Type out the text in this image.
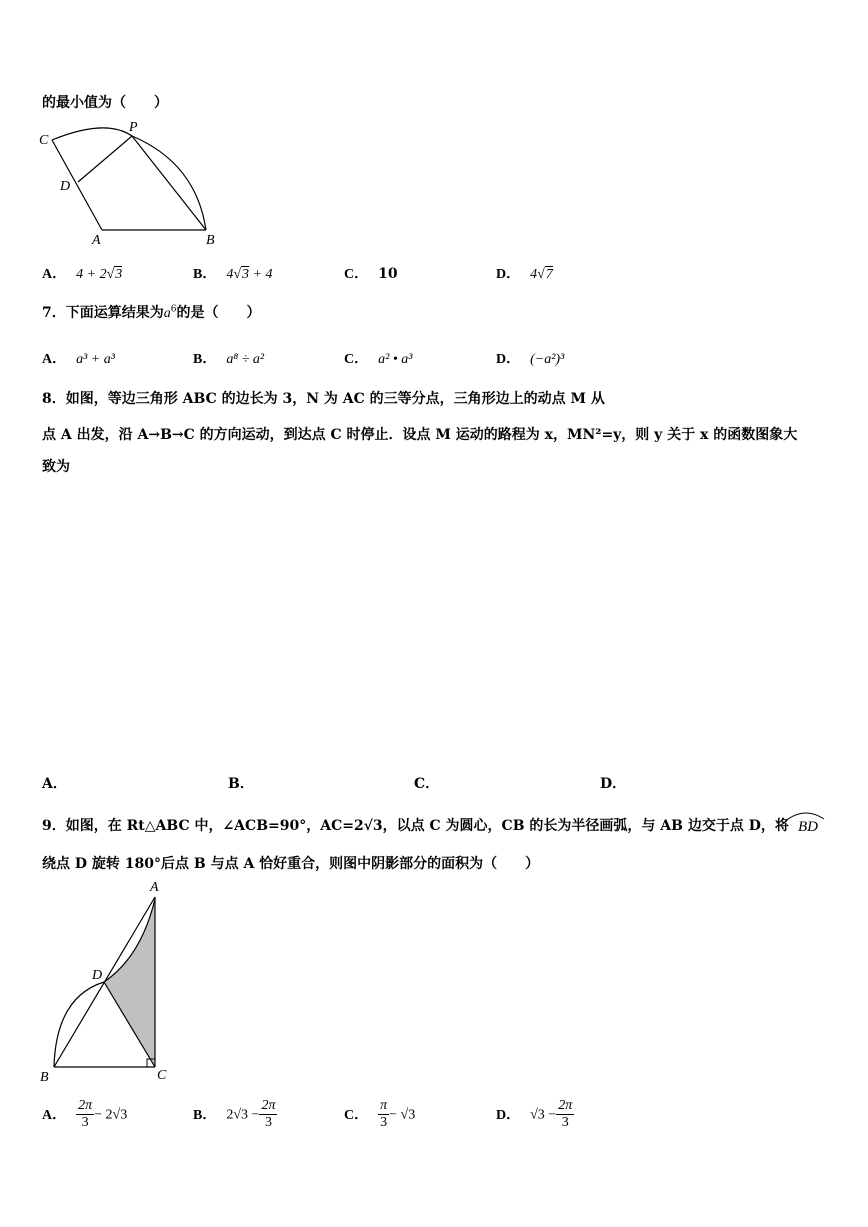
的最小值为（　　）
C
P
D
A	B
A． 4 + 2√3	B． 4√3 + 4	C． 10	D． 4√7
7．下面运算结果为$a^6$的是（　　）
A． a³ + a³	B． a⁸ ÷ a²	C． a² • a³	D． (−a²)³
8．如图，等边三角形 ABC 的边长为 3，N 为 AC 的三等分点，三角形边上的动点 M 从
点 A 出发，沿 A→B→C 的方向运动，到达点 C 时停止．设点 M 运动的路程为 x，MN²=y，则 y 关于 x 的函数图象大
致为
A．	B．	C．	D．
9．如图，在 Rt△ABC 中，∠ACB=90°，AC=2√3，以点 C 为圆心，CB 的长为半径画弧，与 AB 边交于点 D，将 BD
绕点 D 旋转 180°后点 B 与点 A 恰好重合，则图中阴影部分的面积为（　　）
A
D
B	C
A． $\frac{2\pi}{3} - 2√3$	B． $2√3 - \frac{2\pi}{3}$	C． $\frac{\pi}{3} - √3$	D． $√3 - \frac{2\pi}{3}$
